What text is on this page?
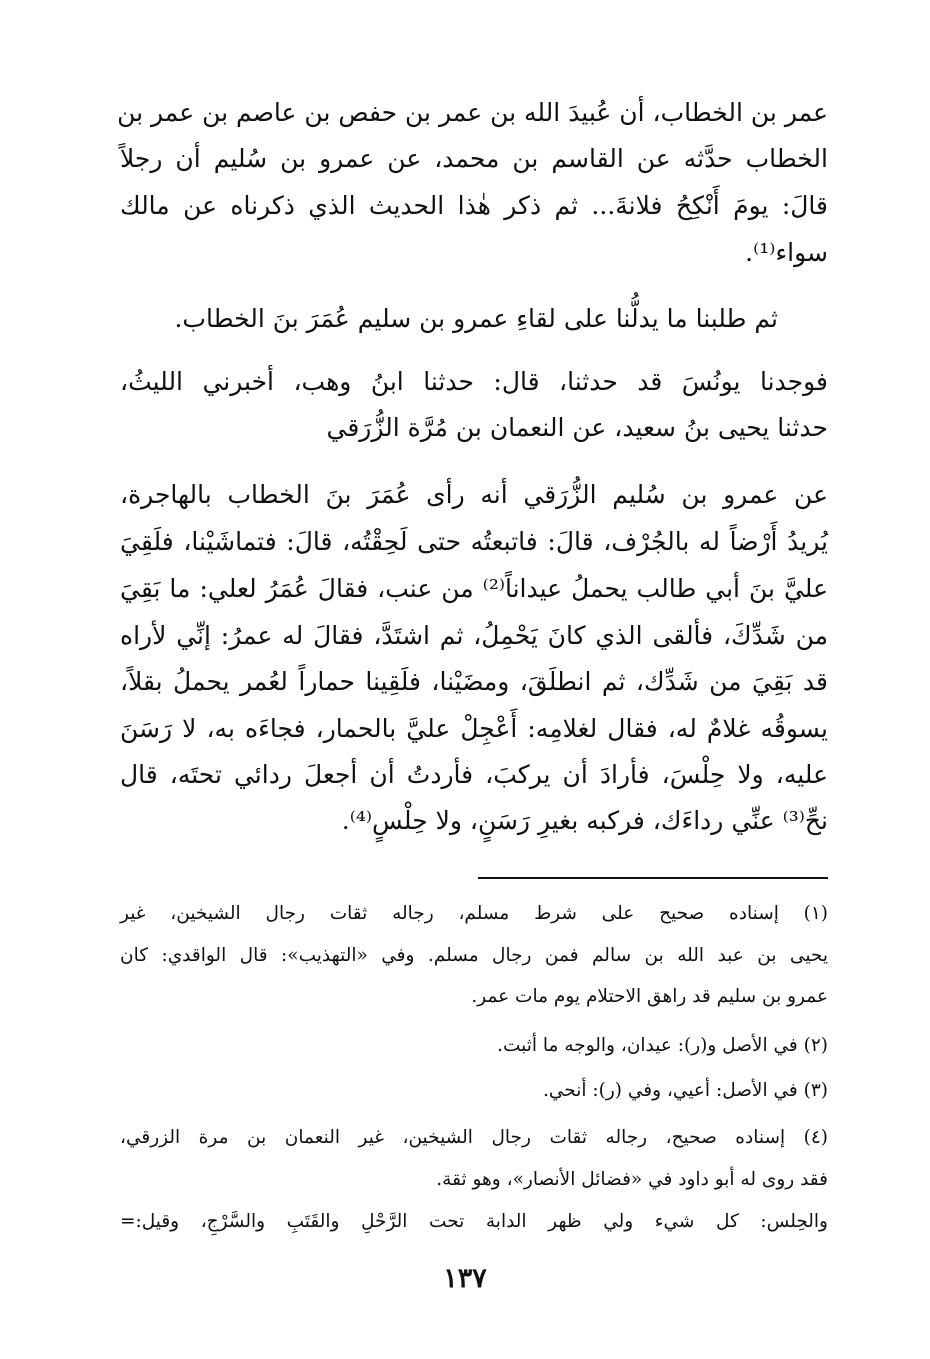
عمر بن الخطاب، أن عُبيدَ الله بن عمر بن حفص بن عاصم بن عمر بن
الخطاب حدَّثه عن القاسم بن محمد، عن عمرو بن سُليم أن رجلاً
قالَ: يومَ أَنْكِحُ فلانةَ... ثم ذكر هٰذا الحديث الذي ذكرناه عن مالك
سواء⁽¹⁾.
ثم طلبنا ما يدلُّنا على لقاءِ عمرو بن سليم عُمَرَ بنَ الخطاب.
فوجدنا يونُسَ قد حدثنا، قال: حدثنا ابنُ وهب، أخبرني الليثُ،
حدثنا يحيى بنُ سعيد، عن النعمان بن مُرَّة الزُّرَقي
عن عمرو بن سُليم الزُّرَقي أنه رأى عُمَرَ بنَ الخطاب بالهاجرة،
يُريدُ أَرْضاً له بالجُرْف، قالَ: فاتبعتُه حتى لَحِقْتُه، قالَ: فتماشَيْنا، فلَقِيَ
عليَّ بنَ أبي طالب يحملُ عيداناً⁽²⁾ من عنب، فقالَ عُمَرُ لعلي: ما بَقِيَ
من شَدِّكَ، فألقى الذي كانَ يَحْمِلُ، ثم اشتَدَّ، فقالَ له عمرُ: إنِّي لأراه
قد بَقِيَ من شَدِّك، ثم انطلَقَ، ومضَيْنا، فلَقِينا حماراً لعُمر يحملُ بقلاً،
يسوقُه غلامٌ له، فقال لغلامِه: أَعْجِلْ عليَّ بالحمار، فجاءَه به، لا رَسَنَ
عليه، ولا حِلْسَ، فأرادَ أن يركبَ، فأردتُ أن أجعلَ ردائي تحتَه، قال
نحِّ⁽³⁾ عنِّي رداءَك، فركبه بغيرِ رَسَنٍ، ولا حِلْسٍ⁽⁴⁾.
(١) إسناده صحيح على شرط مسلم، رجاله ثقات رجال الشيخين، غير
يحيى بن عبد الله بن سالم فمن رجال مسلم. وفي «التهذيب»: قال الواقدي: كان
عمرو بن سليم قد راهق الاحتلام يوم مات عمر.
(٢) في الأصل و(ر): عيدان، والوجه ما أثبت.
(٣) في الأصل: أعيي، وفي (ر): أنحي.
(٤) إسناده صحيح، رجاله ثقات رجال الشيخين، غير النعمان بن مرة الزرقي،
فقد روى له أبو داود في «فضائل الأنصار»، وهو ثقة.
والحِلس: كل شيء ولي ظهر الدابة تحت الرَّحْلِ والقَتَبِ والسَّرْجِ، وقيل:=
١٣٧
